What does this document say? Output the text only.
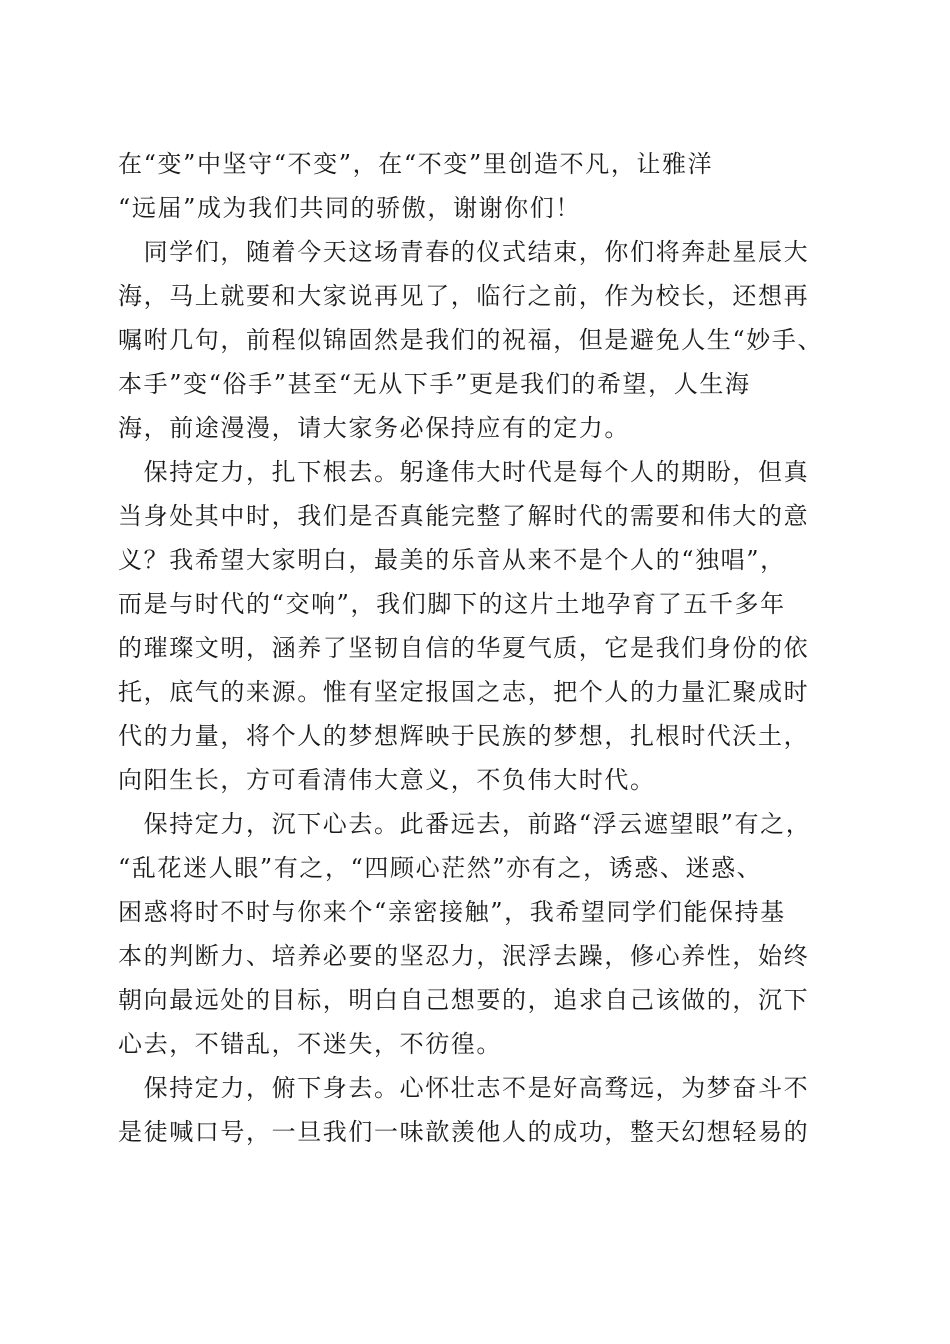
在“变”中坚守“不变”，在“不变”里创造不凡，让雅洋
“远届”成为我们共同的骄傲，谢谢你们！
　同学们，随着今天这场青春的仪式结束，你们将奔赴星辰大
海，马上就要和大家说再见了，临行之前，作为校长，还想再
嘱咐几句，前程似锦固然是我们的祝福，但是避免人生“妙手、
本手”变“俗手”甚至“无从下手”更是我们的希望，人生海
海，前途漫漫，请大家务必保持应有的定力。
　保持定力，扎下根去。躬逢伟大时代是每个人的期盼，但真
当身处其中时，我们是否真能完整了解时代的需要和伟大的意
义？我希望大家明白，最美的乐音从来不是个人的“独唱”，
而是与时代的“交响”，我们脚下的这片土地孕育了五千多年
的璀璨文明，涵养了坚韧自信的华夏气质，它是我们身份的依
托，底气的来源。惟有坚定报国之志，把个人的力量汇聚成时
代的力量，将个人的梦想辉映于民族的梦想，扎根时代沃土，
向阳生长，方可看清伟大意义，不负伟大时代。
　保持定力，沉下心去。此番远去，前路“浮云遮望眼”有之，
“乱花迷人眼”有之，“四顾心茫然”亦有之，诱惑、迷惑、
困惑将时不时与你来个“亲密接触”，我希望同学们能保持基
本的判断力、培养必要的坚忍力，泯浮去躁，修心养性，始终
朝向最远处的目标，明白自己想要的，追求自己该做的，沉下
心去，不错乱，不迷失，不彷徨。
　保持定力，俯下身去。心怀壮志不是好高骛远，为梦奋斗不
是徒喊口号，一旦我们一味歆羡他人的成功，整天幻想轻易的
